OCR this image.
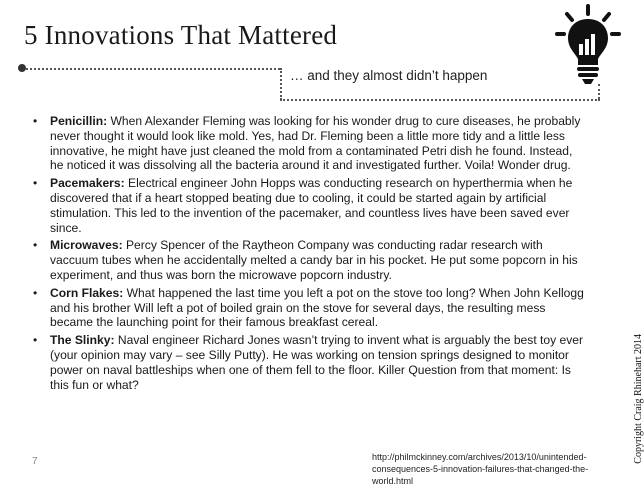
5 Innovations That Mattered
… and they almost didn’t happen
• Penicillin: When Alexander Fleming was looking for his wonder drug to cure diseases, he probably never thought it would look like mold. Yes, had Dr. Fleming been a little more tidy and a little less innovative, he might have just cleaned the mold from a contaminated Petri dish he found. Instead, he noticed it was dissolving all the bacteria around it and investigated further. Voila! Wonder drug.
• Pacemakers: Electrical engineer John Hopps was conducting research on hyperthermia when he discovered that if a heart stopped beating due to cooling, it could be started again by artificial stimulation. This led to the invention of the pacemaker, and countless lives have been saved ever since.
• Microwaves: Percy Spencer of the Raytheon Company was conducting radar research with vaccuum tubes when he accidentally melted a candy bar in his pocket. He put some popcorn in his experiment, and thus was born the microwave popcorn industry.
• Corn Flakes: What happened the last time you left a pot on the stove too long? When John Kellogg and his brother Will left a pot of boiled grain on the stove for several days, the resulting mess became the launching point for their famous breakfast cereal.
• The Slinky: Naval engineer Richard Jones wasn’t trying to invent what is arguably the best toy ever (your opinion may vary – see Silly Putty). He was working on tension springs designed to monitor power on naval battleships when one of them fell to the floor. Killer Question from that moment: Is this fun or what?
http://philmckinney.com/archives/2013/10/unintended-
consequences-5-innovation-failures-that-changed-the-world.html
7	Copyright Craig Rhinehart 2014
